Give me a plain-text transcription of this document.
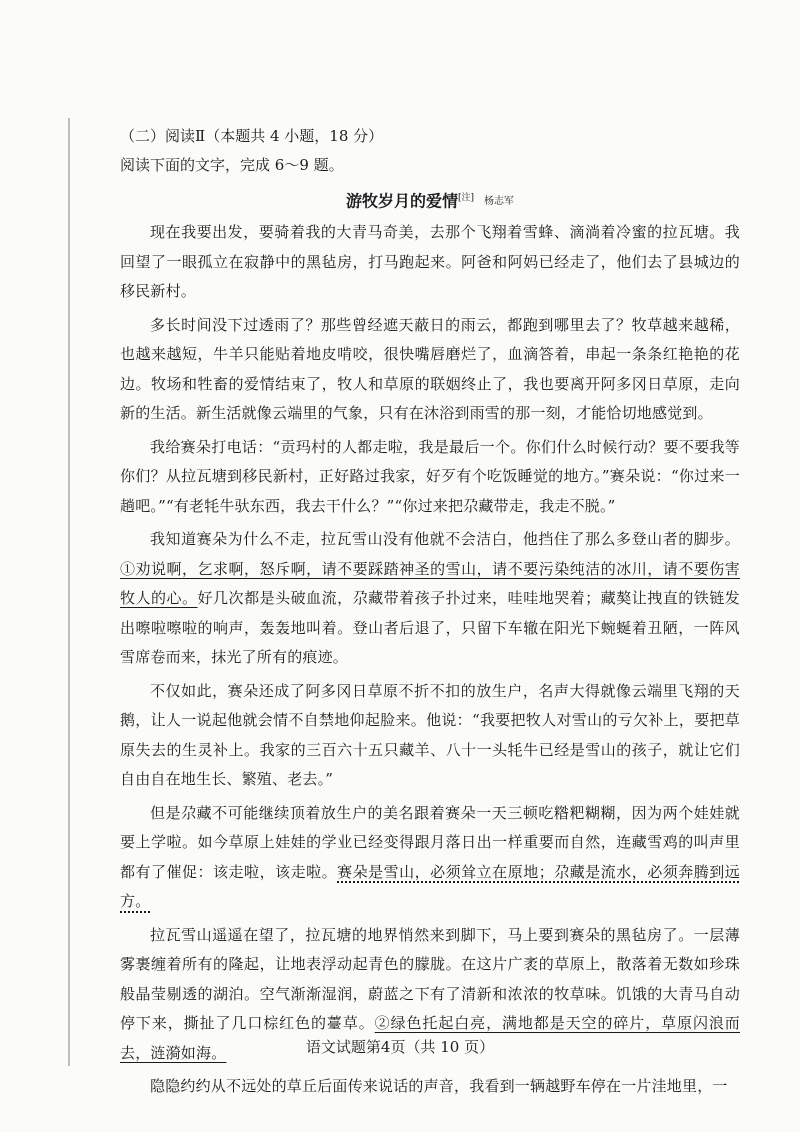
（二）阅读Ⅱ（本题共 4 小题，18 分）

阅读下面的文字，完成 6～9 题。

游牧岁月的爱情[注] 杨志军

现在我要出发，要骑着我的大青马奇美，去那个飞翔着雪蜂、滴淌着冷蜜的拉瓦塘。我回望了一眼孤立在寂静中的黑毡房，打马跑起来。阿爸和阿妈已经走了，他们去了县城边的移民新村。

多长时间没下过透雨了？那些曾经遮天蔽日的雨云，都跑到哪里去了？牧草越来越稀，也越来越短，牛羊只能贴着地皮啃咬，很快嘴唇磨烂了，血滴答着，串起一条条红艳艳的花边。牧场和牲畜的爱情结束了，牧人和草原的联姻终止了，我也要离开阿多冈日草原，走向新的生活。新生活就像云端里的气象，只有在沐浴到雨雪的那一刻，才能恰切地感觉到。

我给赛朵打电话：“贡玛村的人都走啦，我是最后一个。你们什么时候行动？要不要我等你们？从拉瓦塘到移民新村，正好路过我家，好歹有个吃饭睡觉的地方。”赛朵说：“你过来一趟吧。”“有老牦牛驮东西，我去干什么？”“你过来把尕藏带走，我走不脱。”

我知道赛朵为什么不走，拉瓦雪山没有他就不会洁白，他挡住了那么多登山者的脚步。①劝说啊，乞求啊，怒斥啊，请不要踩踏神圣的雪山，请不要污染纯洁的冰川，请不要伤害牧人的心。好几次都是头破血流，尕藏带着孩子扑过来，哇哇地哭着；藏獒让拽直的铁链发出嚓啦嚓啦的响声，轰轰地叫着。登山者后退了，只留下车辙在阳光下蜿蜒着丑陋，一阵风雪席卷而来，抹光了所有的痕迹。

不仅如此，赛朵还成了阿多冈日草原不折不扣的放生户，名声大得就像云端里飞翔的天鹅，让人一说起他就会情不自禁地仰起脸来。他说：“我要把牧人对雪山的亏欠补上，要把草原失去的生灵补上。我家的三百六十五只藏羊、八十一头牦牛已经是雪山的孩子，就让它们自由自在地生长、繁殖、老去。”

但是尕藏不可能继续顶着放生户的美名跟着赛朵一天三顿吃糌粑糊糊，因为两个娃娃就要上学啦。如今草原上娃娃的学业已经变得跟月落日出一样重要而自然，连藏雪鸡的叫声里都有了催促：该走啦，该走啦。赛朵是雪山，必须耸立在原地；尕藏是流水，必须奔腾到远方。

拉瓦雪山遥遥在望了，拉瓦塘的地界悄然来到脚下，马上要到赛朵的黑毡房了。一层薄雾裹缠着所有的隆起，让地表浮动起青色的朦胧。在这片广袤的草原上，散落着无数如珍珠般晶莹剔透的湖泊。空气渐渐湿润，蔚蓝之下有了清新和浓浓的牧草味。饥饿的大青马自动停下来，撕扯了几口棕红色的薹草。②绿色托起白亮，满地都是天空的碎片，草原闪浪而去，涟漪如海。

隐隐约约从不远处的草丘后面传来说话的声音，我看到一辆越野车停在一片洼地里，一

语文试题第4页（共 10 页）
